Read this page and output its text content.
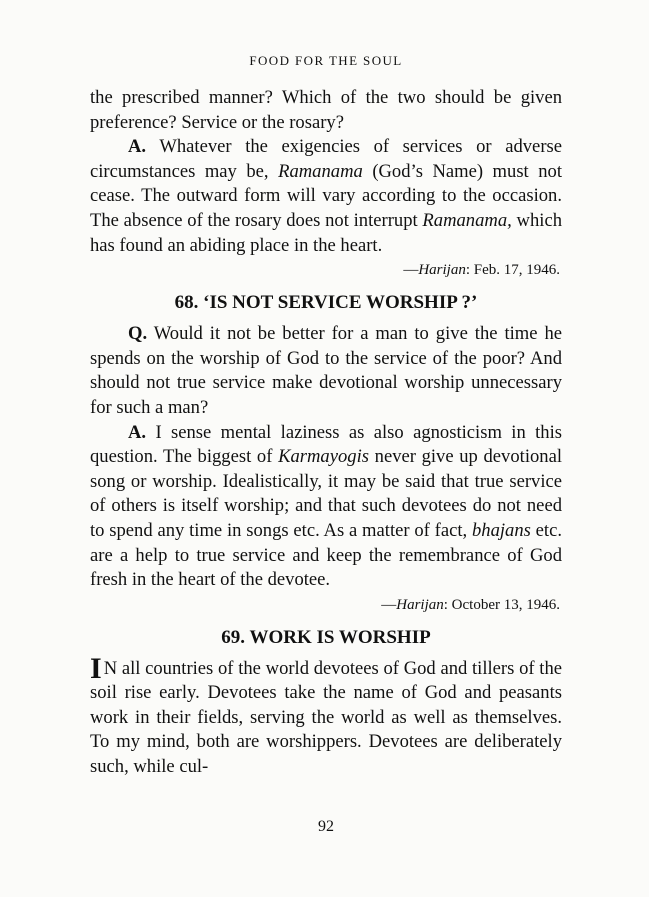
FOOD FOR THE SOUL

the prescribed manner? Which of the two should be given preference? Service or the rosary?

A. Whatever the exigencies of services or adverse circumstances may be, Ramanama (God’s Name) must not cease. The outward form will vary according to the occasion. The absence of the rosary does not interrupt Ramanama, which has found an abiding place in the heart.

—Harijan: Feb. 17, 1946.
68. ‘IS NOT SERVICE WORSHIP ?’

Q. Would it not be better for a man to give the time he spends on the worship of God to the service of the poor? And should not true service make devotional worship unnecessary for such a man?

A. I sense mental laziness as also agnosticism in this question. The biggest of Karmayogis never give up devotional song or worship. Idealistically, it may be said that true service of others is itself worship; and that such devotees do not need to spend any time in songs etc. As a matter of fact, bhajans etc. are a help to true service and keep the remembrance of God fresh in the heart of the devotee.

—Harijan: October 13, 1946.
69. WORK IS WORSHIP

I N all countries of the world devotees of God and tillers of the soil rise early. Devotees take the name of God and peasants work in their fields, serving the world as well as themselves. To my mind, both are worshippers. Devotees are deliberately such, while cul-

92
